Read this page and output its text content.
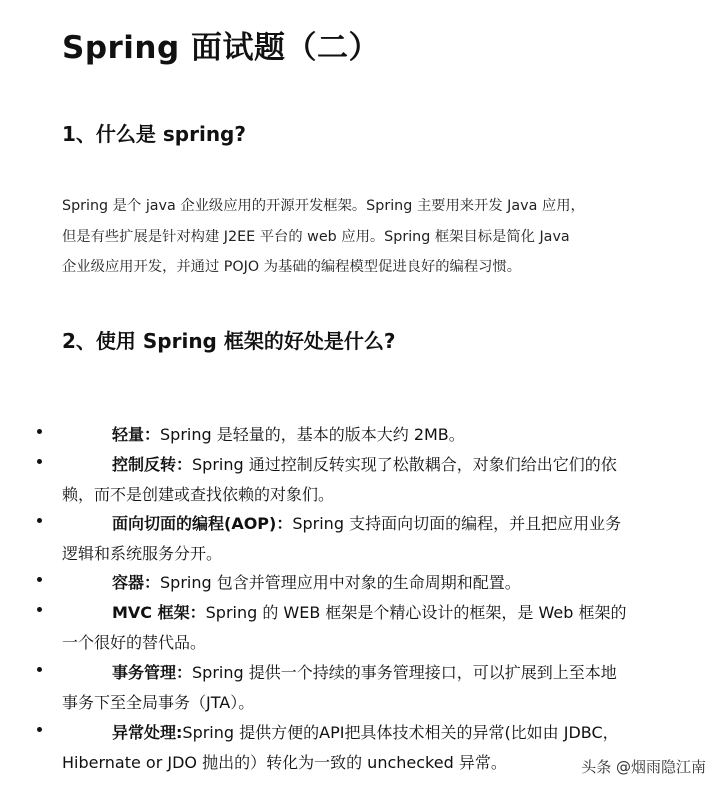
Spring 面试题（二）
1、什么是 spring?

Spring 是个 java 企业级应用的开源开发框架。Spring 主要用来开发 Java 应用，
但是有些扩展是针对构建 J2EE 平台的 web 应用。Spring 框架目标是简化 Java
企业级应用开发，并通过 POJO 为基础的编程模型促进良好的编程习惯。

2、使用 Spring 框架的好处是什么?

轻量：Spring 是轻量的，基本的版本大约 2MB。

控制反转：Spring 通过控制反转实现了松散耦合，对象们给出它们的依
赖，而不是创建或查找依赖的对象们。

面向切面的编程(AOP)：Spring 支持面向切面的编程，并且把应用业务
逻辑和系统服务分开。

容器：Spring 包含并管理应用中对象的生命周期和配置。

MVC 框架：Spring 的 WEB 框架是个精心设计的框架，是 Web 框架的
一个很好的替代品。

事务管理：Spring 提供一个持续的事务管理接口，可以扩展到上至本地
事务下至全局事务（JTA）。

异常处理:Spring 提供方便的API把具体技术相关的异常(比如由 JDBC，
Hibernate or JDO 抛出的）转化为一致的 unchecked 异常。	头条 @烟雨隐江南
